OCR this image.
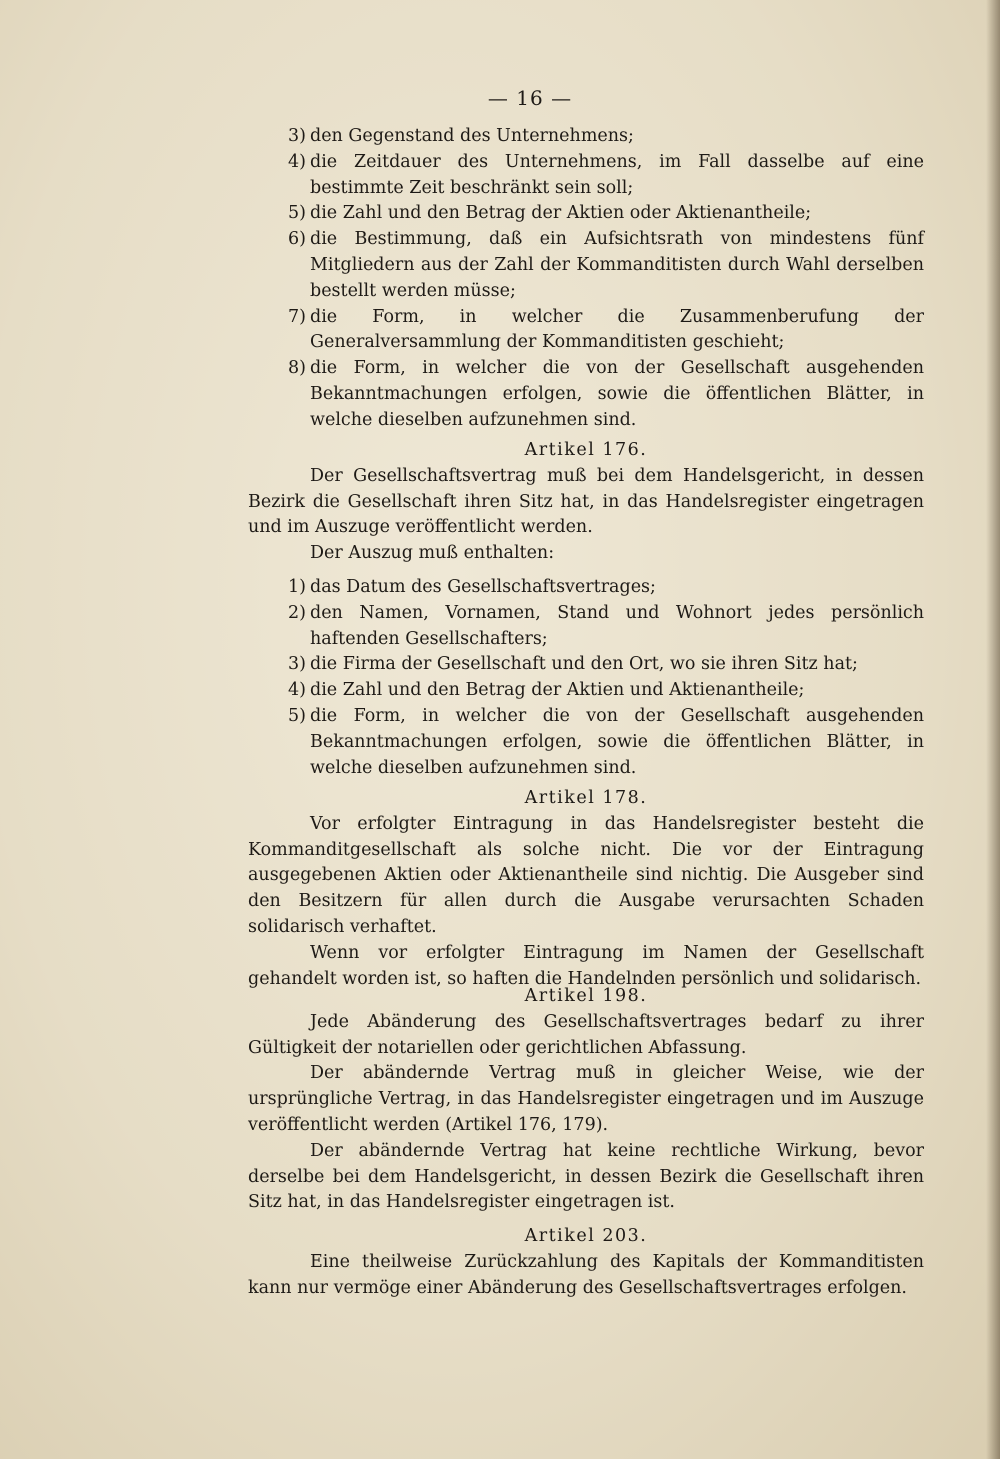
— 16 —

3) den Gegenstand des Unternehmens;

4) die Zeitdauer des Unternehmens, im Fall dasselbe auf eine bestimmte Zeit beschränkt sein soll;

5) die Zahl und den Betrag der Aktien oder Aktienantheile;

6) die Bestimmung, daß ein Aufsichtsrath von mindestens fünf Mitgliedern aus der Zahl der Kommanditisten durch Wahl derselben bestellt werden müsse;

7) die Form, in welcher die Zusammenberufung der Generalversammlung der Kommanditisten geschieht;

8) die Form, in welcher die von der Gesellschaft ausgehenden Bekanntmachungen erfolgen, sowie die öffentlichen Blätter, in welche dieselben aufzunehmen sind.

Artikel 176.

Der Gesellschaftsvertrag muß bei dem Handelsgericht, in dessen Bezirk die Gesellschaft ihren Sitz hat, in das Handelsregister eingetragen und im Auszuge veröffentlicht werden.

Der Auszug muß enthalten:

1) das Datum des Gesellschaftsvertrages;

2) den Namen, Vornamen, Stand und Wohnort jedes persönlich haftenden Gesellschafters;

3) die Firma der Gesellschaft und den Ort, wo sie ihren Sitz hat;

4) die Zahl und den Betrag der Aktien und Aktienantheile;

5) die Form, in welcher die von der Gesellschaft ausgehenden Bekanntmachungen erfolgen, sowie die öffentlichen Blätter, in welche dieselben aufzunehmen sind.

Artikel 178.

Vor erfolgter Eintragung in das Handelsregister besteht die Kommanditgesellschaft als solche nicht. Die vor der Eintragung ausgegebenen Aktien oder Aktienantheile sind nichtig. Die Ausgeber sind den Besitzern für allen durch die Ausgabe verursachten Schaden solidarisch verhaftet.

Wenn vor erfolgter Eintragung im Namen der Gesellschaft gehandelt worden ist, so haften die Handelnden persönlich und solidarisch.

Artikel 198.

Jede Abänderung des Gesellschaftsvertrages bedarf zu ihrer Gültigkeit der notariellen oder gerichtlichen Abfassung.

Der abändernde Vertrag muß in gleicher Weise, wie der ursprüngliche Vertrag, in das Handelsregister eingetragen und im Auszuge veröffentlicht werden (Artikel 176, 179).

Der abändernde Vertrag hat keine rechtliche Wirkung, bevor derselbe bei dem Handelsgericht, in dessen Bezirk die Gesellschaft ihren Sitz hat, in das Handelsregister eingetragen ist.

Artikel 203.

Eine theilweise Zurückzahlung des Kapitals der Kommanditisten kann nur vermöge einer Abänderung des Gesellschaftsvertrages erfolgen.
